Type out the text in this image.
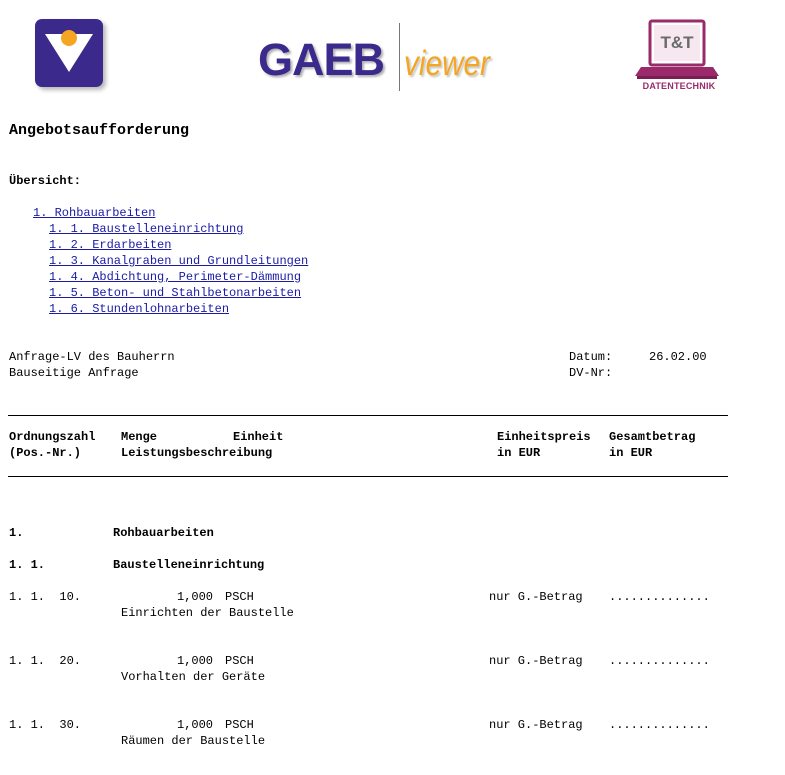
GAEB viewer
T&T
DATENTECHNIK
Angebotsaufforderung
Übersicht:
1. Rohbauarbeiten
1. 1. Baustelleneinrichtung
1. 2. Erdarbeiten
1. 3. Kanalgraben und Grundleitungen
1. 4. Abdichtung, Perimeter-Dämmung
1. 5. Beton- und Stahlbetonarbeiten
1. 6. Stundenlohnarbeiten
Anfrage-LV des Bauherrn
Bauseitige Anfrage
Datum:	26.02.00
DV-Nr:
Ordnungszahl Menge	Einheit	Einheitspreis Gesamtbetrag
(Pos.-Nr.)	Leistungsbeschreibung	in EUR	in EUR
1.	Rohbauarbeiten
1. 1.	Baustelleneinrichtung
1. 1.  10.	1,000 PSCH	nur G.-Betrag ..............
Einrichten der Baustelle
1. 1.  20.	1,000 PSCH	nur G.-Betrag ..............
Vorhalten der Geräte
1. 1.  30.	1,000 PSCH	nur G.-Betrag ..............
Räumen der Baustelle
